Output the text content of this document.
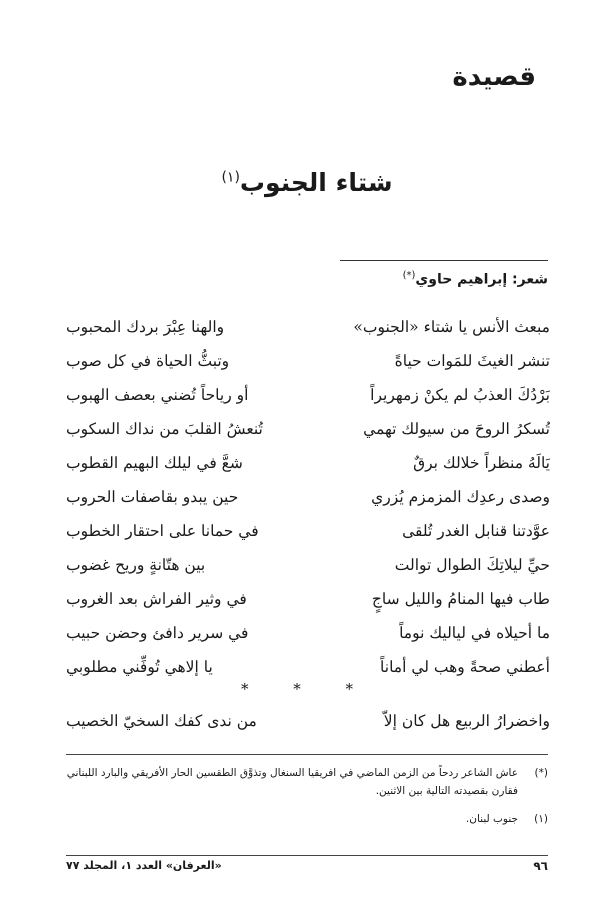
قصيدة
شتاء الجنوب$^{(١)}$
شعر: إبراهيم حاوي(*)
مبعث الأنس يا شتاء «الجنوب»
والهنا عِبْرَ بردك المحبوب
تنشر الغيثَ للمَوات حياةً
وتبثُّ الحياة في كل صوب
بَرْدُكَ العذبُ لم يكنْ زمهريراً
أو رياحاً تُضني بعصف الهبوب
تُسكرُ الروحَ من سيولك تهمي
تُنعشُ القلبَ من نداك السكوب
يَالَهُ منظراً خلالك برقٌ
شعَّ في ليلك البهيم القطوب
وصدى رعدِك المزمزم يُزري
حين يبدو بقاصفات الحروب
عوَّدتنا قنابل الغدر تُلقى
في حمانا على احتقار الخطوب
حيِّ ليلاتِكَ الطوال توالت
بين هتّانةٍ وريح غضوب
طاب فيها المنامُ والليل ساجٍ
في وثير الفراش بعد الغروب
ما أحيلاه في لياليك نوماً
في سرير دافئ وحضن حبيب
أعطني صحةً وهب لي أماناً
يا إلاهي تُوفِّني مطلوبي
* * *
واخضرارُ الربيع هل كان إلاّ
من ندى كفك السخيّ الخصيب
(*)
عاش الشاعر ردحاً من الزمن الماضي في افريقيا السنغال وتذوَّق الطقسين الحار الأفريقي والبارد اللبناني فقارن بقصيدته التالية بين الاثنين.
(١)
جنوب لبنان.
٩٦
«العرفان» العدد ١، المجلد ٧٧
